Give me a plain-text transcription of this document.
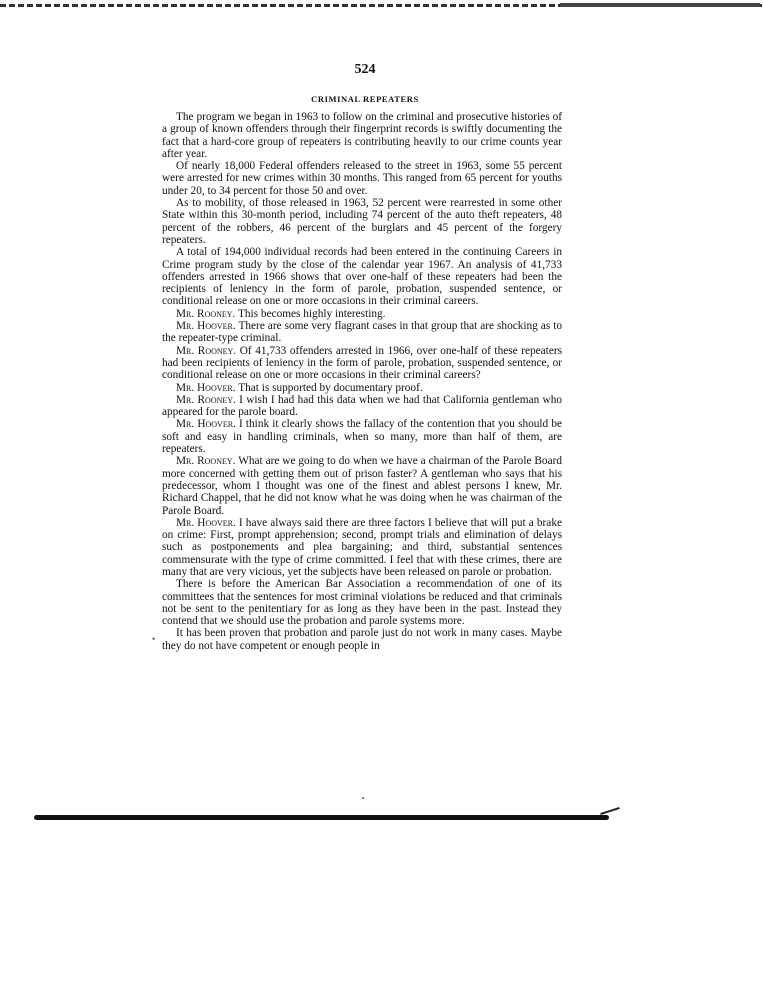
524
CRIMINAL REPEATERS

The program we began in 1963 to follow on the criminal and prosecutive histories of a group of known offenders through their fingerprint records is swiftly documenting the fact that a hard-core group of repeaters is contributing heavily to our crime counts year after year.

Of nearly 18,000 Federal offenders released to the street in 1963, some 55 percent were arrested for new crimes within 30 months. This ranged from 65 percent for youths under 20, to 34 percent for those 50 and over.

As to mobility, of those released in 1963, 52 percent were rearrested in some other State within this 30-month period, including 74 percent of the auto theft repeaters, 48 percent of the robbers, 46 percent of the burglars and 45 percent of the forgery repeaters.

A total of 194,000 individual records had been entered in the continuing Careers in Crime program study by the close of the calendar year 1967. An analysis of 41,733 offenders arrested in 1966 shows that over one-half of these repeaters had been the recipients of leniency in the form of parole, probation, suspended sentence, or conditional release on one or more occasions in their criminal careers.

Mr. Rooney. This becomes highly interesting.

Mr. Hoover. There are some very flagrant cases in that group that are shocking as to the repeater-type criminal.

Mr. Rooney. Of 41,733 offenders arrested in 1966, over one-half of these repeaters had been recipients of leniency in the form of parole, probation, suspended sentence, or conditional release on one or more occasions in their criminal careers?

Mr. Hoover. That is supported by documentary proof.

Mr. Rooney. I wish I had had this data when we had that California gentleman who appeared for the parole board.

Mr. Hoover. I think it clearly shows the fallacy of the contention that you should be soft and easy in handling criminals, when so many, more than half of them, are repeaters.

Mr. Rooney. What are we going to do when we have a chairman of the Parole Board more concerned with getting them out of prison faster? A gentleman who says that his predecessor, whom I thought was one of the finest and ablest persons I knew, Mr. Richard Chappel, that he did not know what he was doing when he was chairman of the Parole Board.

Mr. Hoover. I have always said there are three factors I believe that will put a brake on crime: First, prompt apprehension; second, prompt trials and elimination of delays such as postponements and plea bargaining; and third, substantial sentences commensurate with the type of crime committed. I feel that with these crimes, there are many that are very vicious, yet the subjects have been released on parole or probation.

There is before the American Bar Association a recommendation of one of its committees that the sentences for most criminal violations be reduced and that criminals not be sent to the penitentiary for as long as they have been in the past. Instead they contend that we should use the probation and parole systems more.

It has been proven that probation and parole just do not work in many cases. Maybe they do not have competent or enough people in

•
